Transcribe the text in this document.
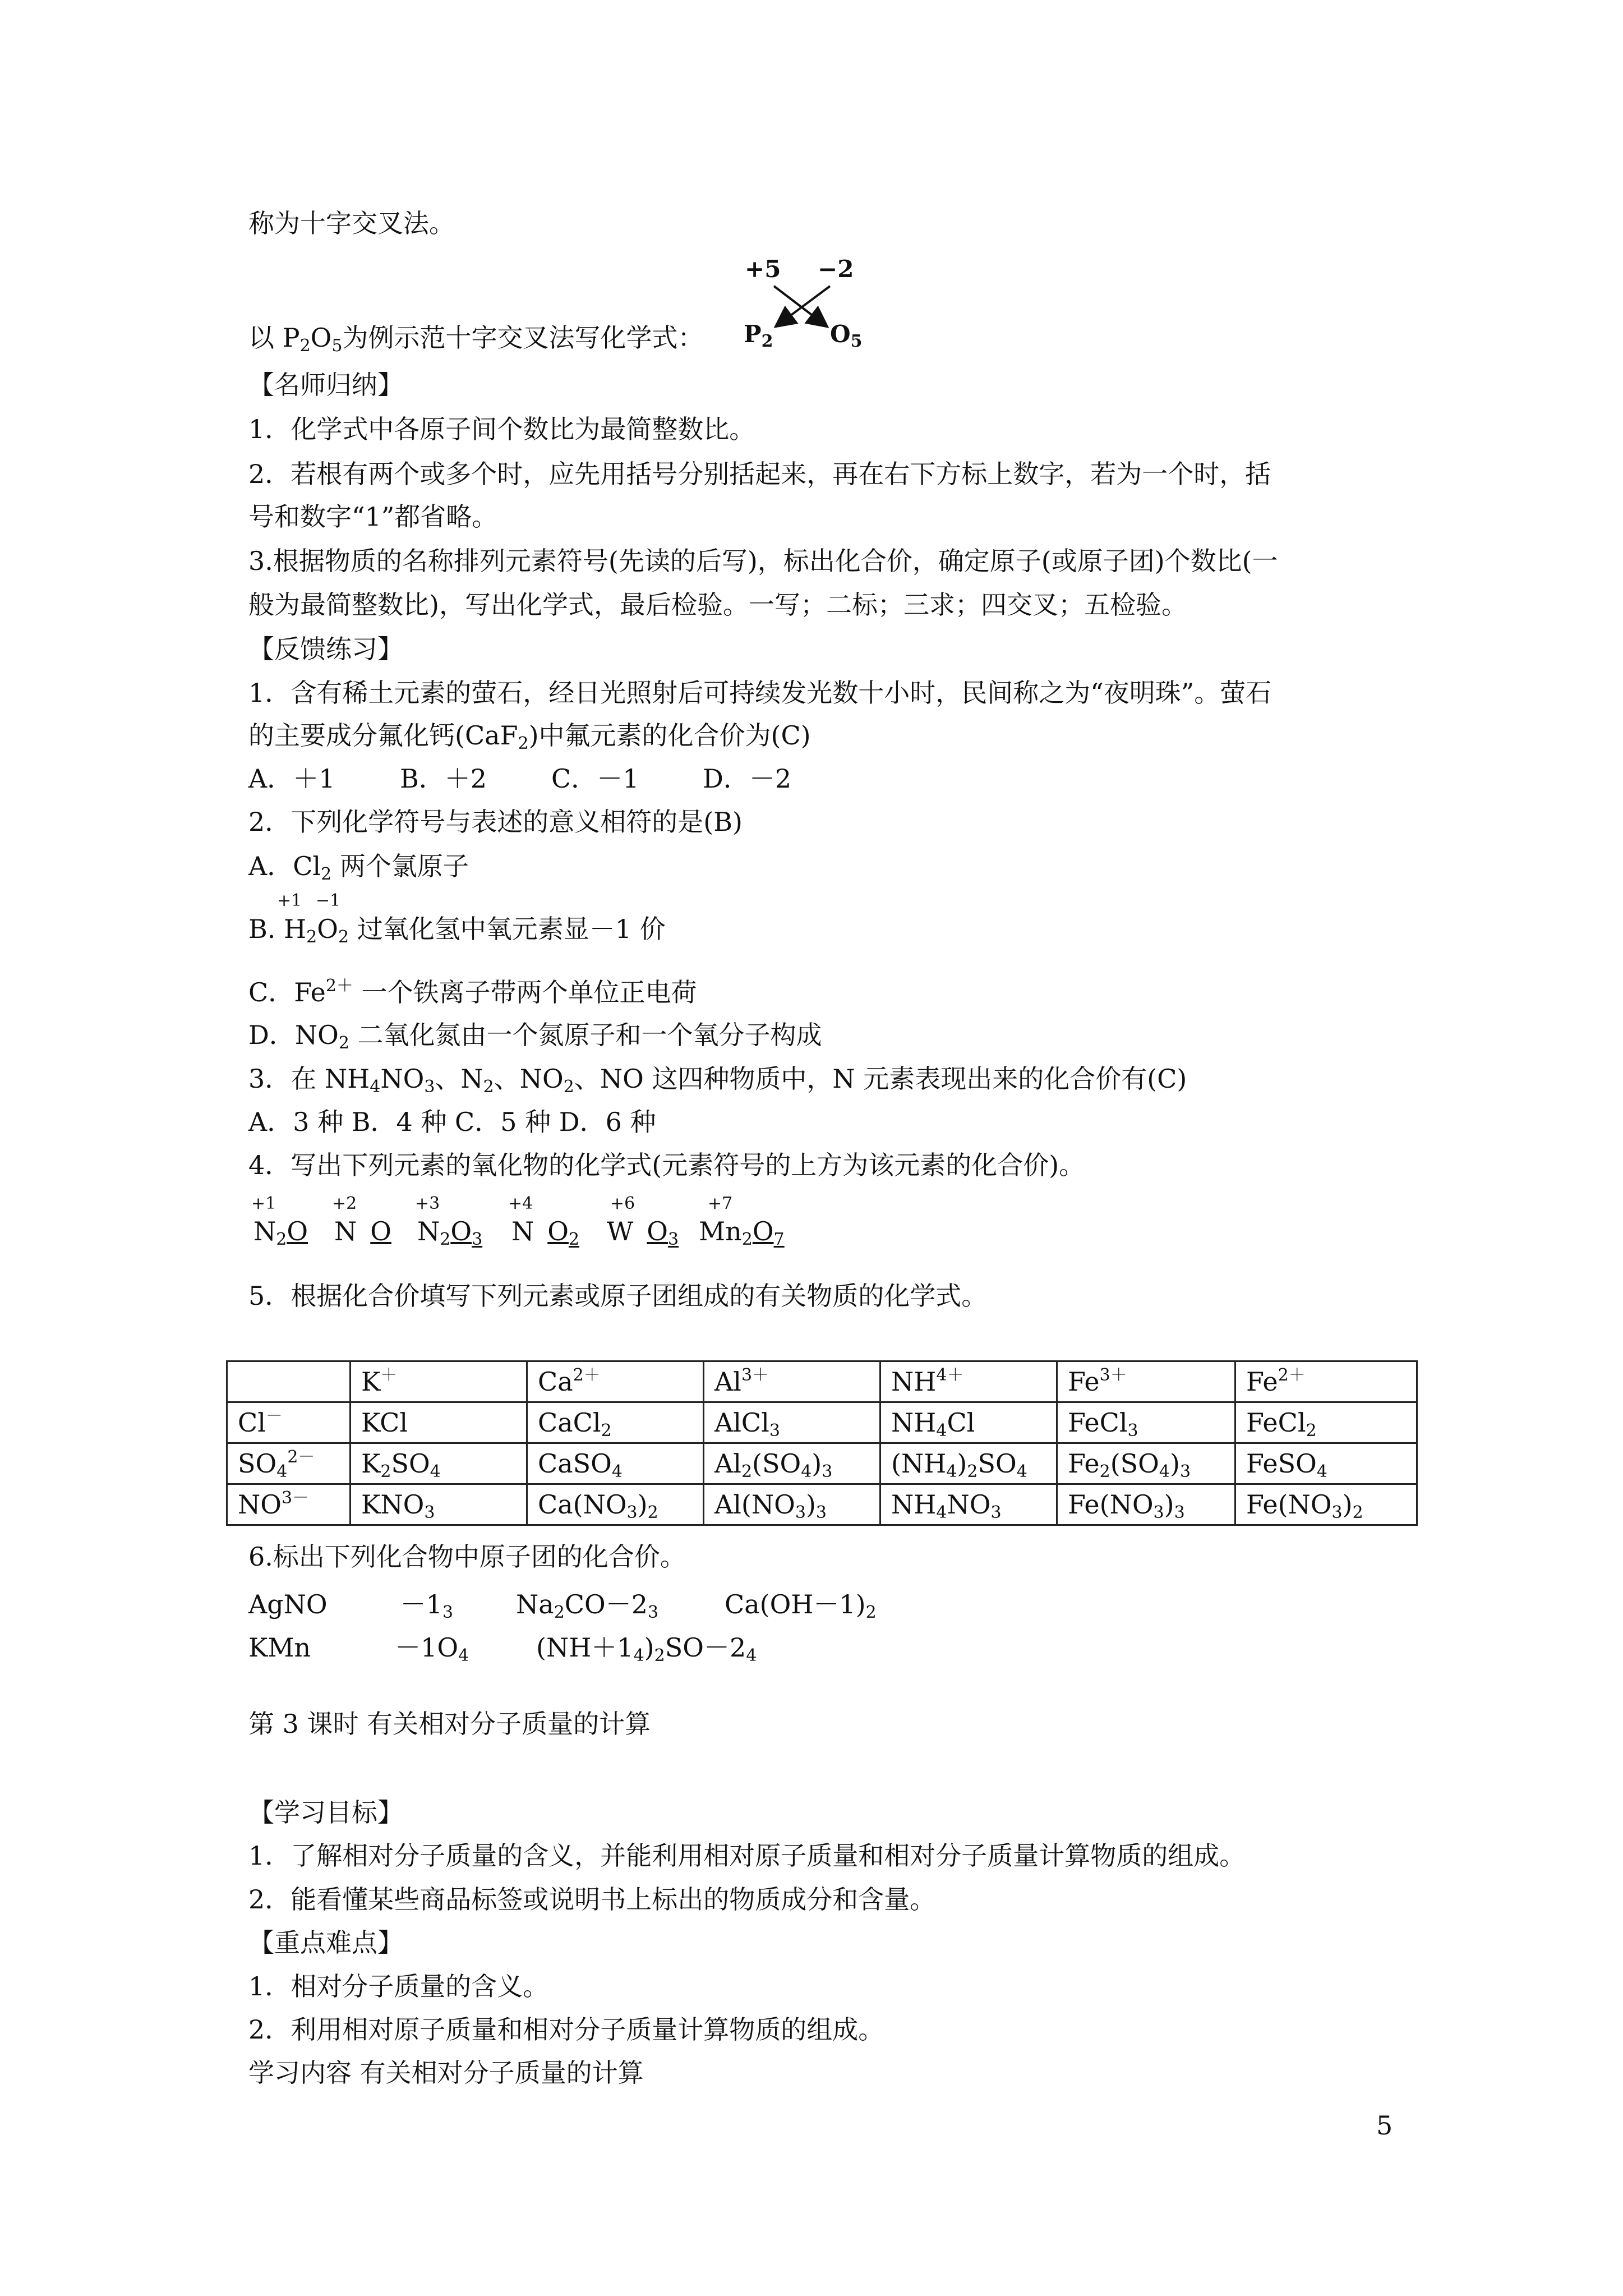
称为十字交叉法。
以 $P_2O_5$为例示范十字交叉法写化学式：
+5 −2
$P_2$ $O_5$
【名师归纳】
1．化学式中各原子间个数比为最简整数比。
2．若根有两个或多个时，应先用括号分别括起来，再在右下方标上数字，若为一个时，括
号和数字“1”都省略。
3.根据物质的名称排列元素符号(先读的后写)，标出化合价，确定原子(或原子团)个数比(一
般为最简整数比)，写出化学式，最后检验。一写；二标；三求；四交叉；五检验。
【反馈练习】
1．含有稀土元素的萤石，经日光照射后可持续发光数十小时，民间称之为“夜明珠”。萤石
的主要成分氟化钙(CaF$_2$)中氟元素的化合价为(C)
A．＋1	B．＋2 C．－1 D．－2
2．下列化学符号与表述的意义相符的是(B)
A．$Cl_2$ 两个氯原子
+1 −1
B. $H_2O_2$ 过氧化氢中氧元素显－1 价
C．$Fe^{2+}$ 一个铁离子带两个单位正电荷
D．$NO_2$ 二氧化氮由一个氮原子和一个氧分子构成
3．在 $NH_4NO_3$、$N_2$、$NO_2$、NO 这四种物质中，N 元素表现出来的化合价有(C)
A．3 种 B．4 种 C．5 种 D．6 种
4．写出下列元素的氧化物的化学式(元素符号的上方为该元素的化合价)。
+1
$N_2O$
+2
N O
+3
$N_2O_3$
+4
N $O_2$
+6
W $O_3$
+7
$Mn_2O_7$
5．根据化合价填写下列元素或原子团组成的有关物质的化学式。
	K＋	$Ca^{2+}$	$Al^{3+}$	$NH^{4+}$	$Fe^{3+}$	$Fe^{2+}$
Cl－	KCl	CaCl$_2$	AlCl$_3$	$NH_4Cl$	FeCl$_3$	FeCl$_2$
$SO_4^{2-}$	$K_2SO_4$	CaSO$_4$	$Al_2(SO_4)_3$	$(NH_4)_2SO_4$	$Fe_2(SO_4)_3$	FeSO$_4$
$NO^{3-}$	$KNO_3$	$Ca(NO_3)_2$	$Al(NO_3)_3$	$NH_4NO_3$	$Fe(NO_3)_3$	$Fe(NO_3)_2$
6.标出下列化合物中原子团的化合价。
AgNO	$-1_3$ $Na_2CO-2_3$	$Ca(OH-1)_2$
KMn	$-1O_4$	$(NH+1_4)_2SO-2_4$
第 3 课时 有关相对分子质量的计算
【学习目标】
1．了解相对分子质量的含义，并能利用相对原子质量和相对分子质量计算物质的组成。
2．能看懂某些商品标签或说明书上标出的物质成分和含量。
【重点难点】
1．相对分子质量的含义。
2．利用相对原子质量和相对分子质量计算物质的组成。
学习内容 有关相对分子质量的计算
5
